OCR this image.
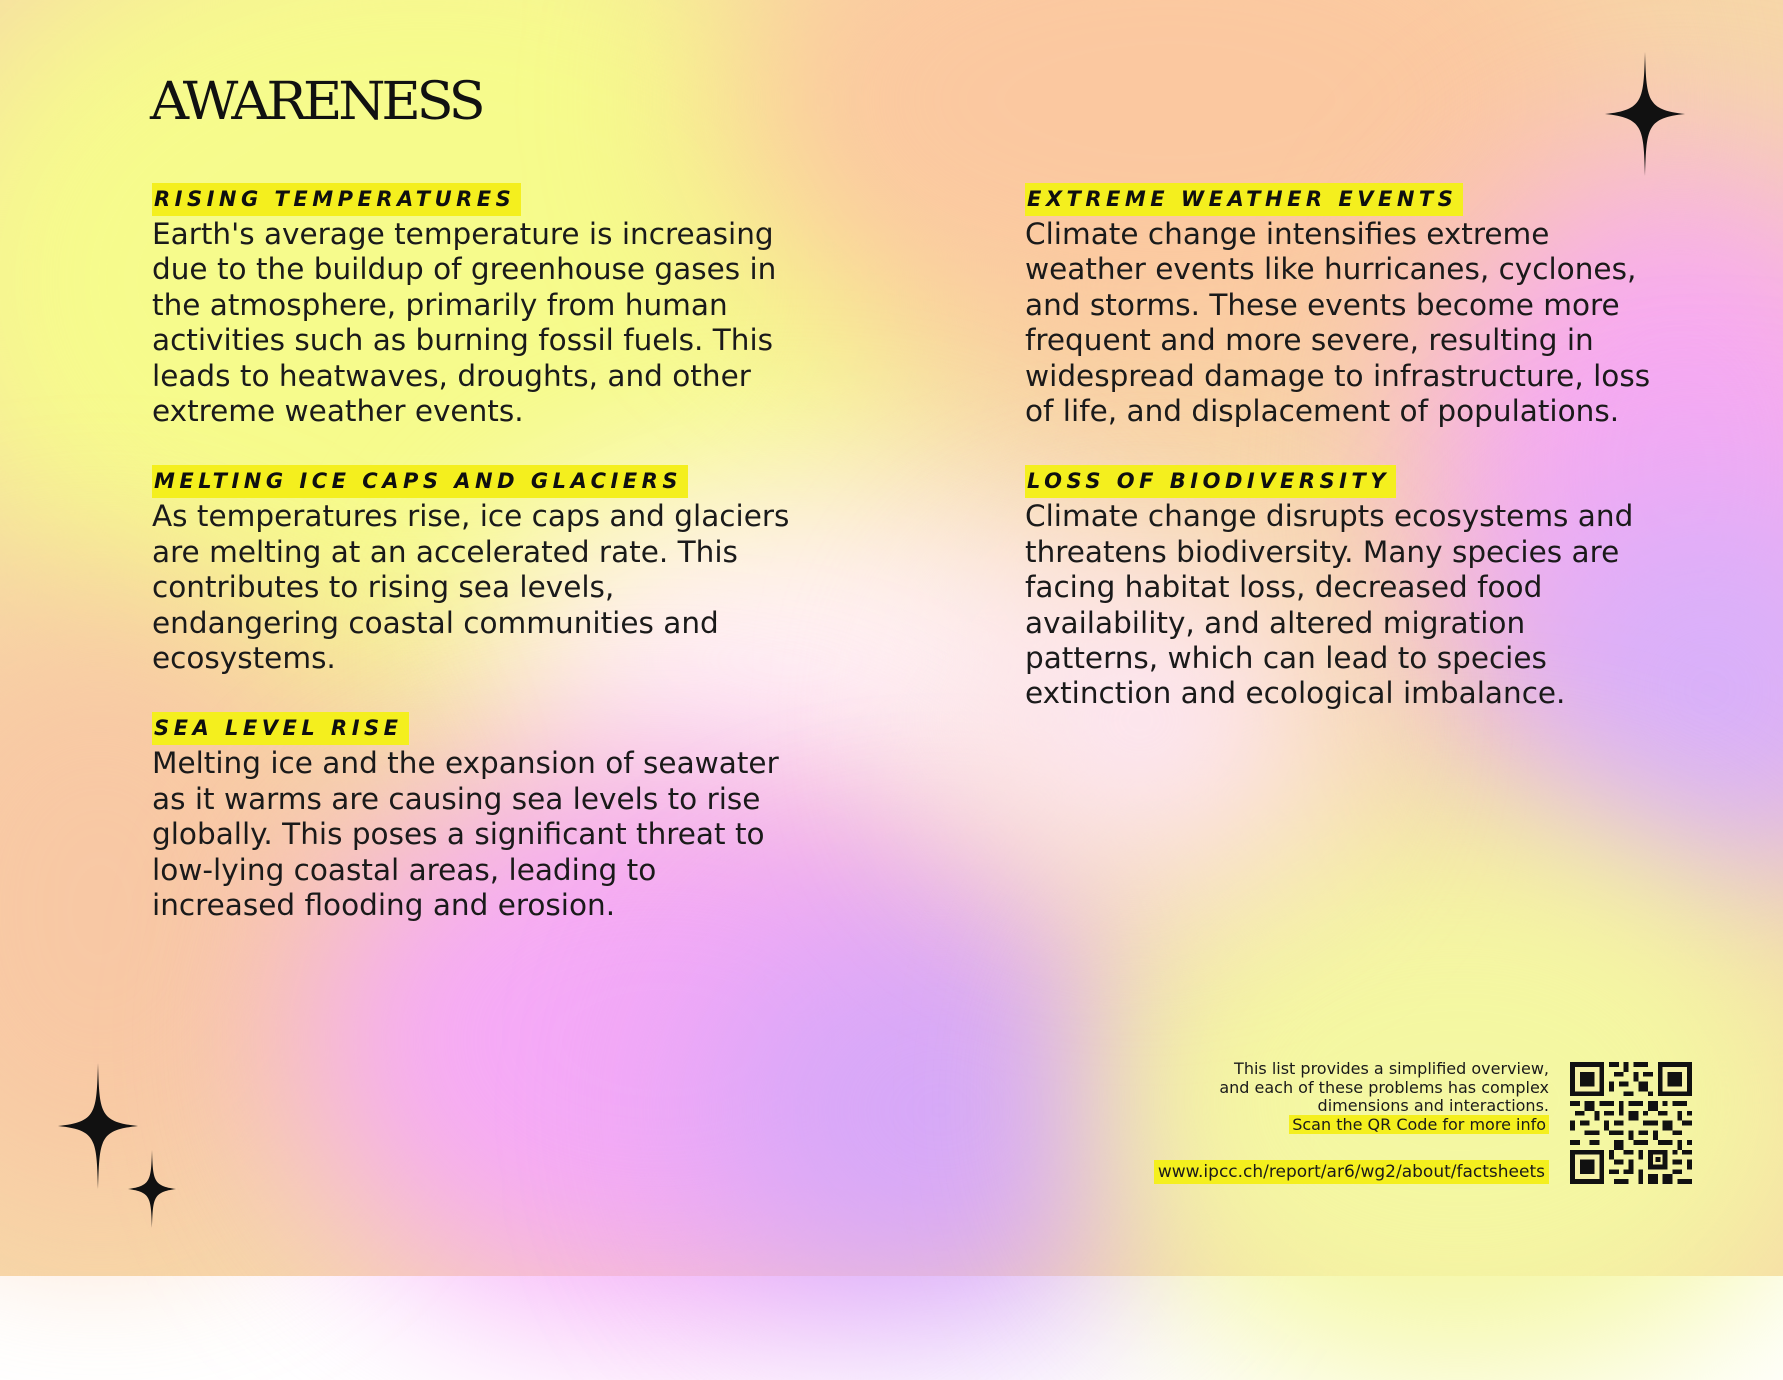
AWARENESS
RISING TEMPERATURES

Earth's average temperature is increasing due to the buildup of greenhouse gases in the atmosphere, primarily from human activities such as burning fossil fuels. This leads to heatwaves, droughts, and other extreme weather events.

MELTING ICE CAPS AND GLACIERS

As temperatures rise, ice caps and glaciers are melting at an accelerated rate. This contributes to rising sea levels, endangering coastal communities and ecosystems.

SEA LEVEL RISE

Melting ice and the expansion of seawater as it warms are causing sea levels to rise globally. This poses a significant threat to low-lying coastal areas, leading to increased flooding and erosion.

EXTREME WEATHER EVENTS

Climate change intensifies extreme weather events like hurricanes, cyclones, and storms. These events become more frequent and more severe, resulting in widespread damage to infrastructure, loss of life, and displacement of populations.

LOSS OF BIODIVERSITY

Climate change disrupts ecosystems and threatens biodiversity. Many species are facing habitat loss, decreased food availability, and altered migration patterns, which can lead to species extinction and ecological imbalance.

This list provides a simplified overview,
and each of these problems has complex
dimensions and interactions.
Scan the QR Code for more info
www.ipcc.ch/report/ar6/wg2/about/factsheets
